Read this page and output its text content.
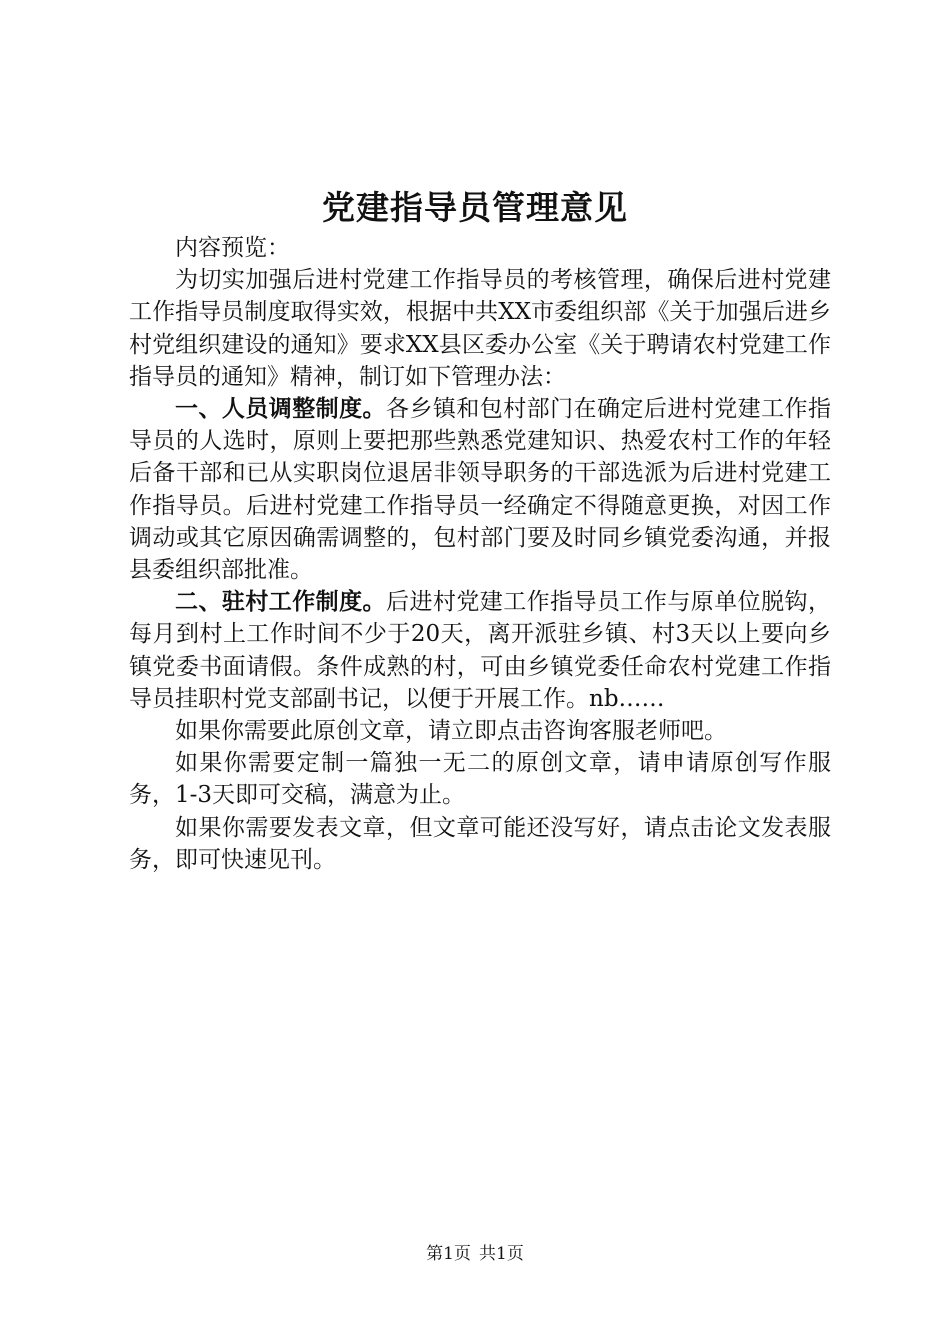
党建指导员管理意见

内容预览：

为切实加强后进村党建工作指导员的考核管理，确保后进村党建工作指导员制度取得实效，根据中共XX市委组织部《关于加强后进乡村党组织建设的通知》要求XX县区委办公室《关于聘请农村党建工作指导员的通知》精神，制订如下管理办法：

一、人员调整制度。各乡镇和包村部门在确定后进村党建工作指导员的人选时，原则上要把那些熟悉党建知识、热爱农村工作的年轻后备干部和已从实职岗位退居非领导职务的干部选派为后进村党建工作指导员。后进村党建工作指导员一经确定不得随意更换，对因工作调动或其它原因确需调整的，包村部门要及时同乡镇党委沟通，并报县委组织部批准。

二、驻村工作制度。后进村党建工作指导员工作与原单位脱钩，每月到村上工作时间不少于20天，离开派驻乡镇、村3天以上要向乡镇党委书面请假。条件成熟的村，可由乡镇党委任命农村党建工作指导员挂职村党支部副书记，以便于开展工作。nb……

如果你需要此原创文章，请立即点击咨询客服老师吧。

如果你需要定制一篇独一无二的原创文章，请申请原创写作服务，1-3天即可交稿，满意为止。

如果你需要发表文章，但文章可能还没写好，请点击论文发表服务，即可快速见刊。

第1页 共1页
